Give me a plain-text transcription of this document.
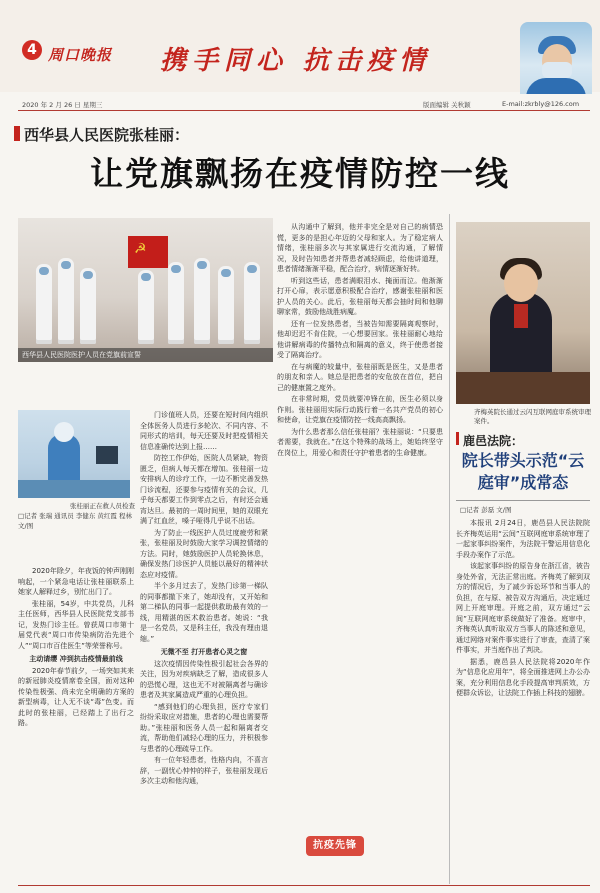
4 周口晚报 携手同心 抗击疫情
2020 年 2 月 26 日 星期三	版面编辑 关秋颖	E-mail:zkrbly@126.com
西华县人民医院张桂丽：
让党旗飘扬在疫情防控一线
☭
西华县人民医院医护人员在党旗前宣誓
张桂丽正在救人员检查
□记者 张瑞 通讯员 李健东 黄红霞 程林 文/图

2020年除夕，年夜饭的钟声刚刚响起，一个紧急电话让张桂丽联系上她家人解释过乡，别忙出门了。

张桂丽，54岁，中共党员，儿科主任医师，西华县人民医院党支部书记，发热门诊主任。曾获周口市第十届党代表“周口市传染病防治先进个人”“周口市百佳医生”等荣誉称号。

主动请缨 冲到抗击疫情最前线

2020年春节前夕，一场突如其来的新冠肺炎疫情席卷全国，面对这种传染性极强、尚未完全明确的方案的新型病毒，让人无不谈“毒”色变。而此时的张桂丽，已经踏上了出行之路。

门诊值班人员，还要在短时间内组织全体医务人员进行多轮次、不同内容、不同形式的培训，每天还要及时把疫情相关信息准确传达到上报……

防控工作伊始，医院人员紧缺，物资匮乏，但病人每天都在增加。张桂丽一边安排病人的诊疗工作，一边不断完善发热门诊流程，还要参与疫情有关的会议，几乎每天都要工作到零点之后，有时还会通宵达旦。最初的一周时间里，她的双眼充满了红血丝，嗓子哑得几乎说不出话。

为了防止一线医护人员过度疲劳和紧张，张桂丽及时鼓励大家学习调控情绪的方法。同时，她鼓励医护人员轮换休息，确保发热门诊医护人员能以最好的精神状态应对疫情。

半个多月过去了，发热门诊第一梯队的同事都撤下来了，她却没有，又开始和第二梯队的同事一起提供救助最有效的一线，用精湛的医术救治患者。她说：“我是一名党员，又是科主任，我没有理由退缩。”

无微不至 打开患者心灵之窗

这次疫情因传染性极引起社会各界的关注，因为对疾病缺乏了解，造成很多人的恐慌心理，这也无不对被隔离者与确诊患者及其家属造成严重的心理负担。

“感到他们的心理负担，医疗专家们纷纷采取应对措施，患者的心理也需要帮助。”张桂丽和医务人员一起和隔离者交流，帮助他们减轻心理的压力，并积极参与患者的心理疏导工作。

有一位年轻患者，性格内向，不喜言辞，一副忧心忡忡的样子，张桂丽发现后多次主动和他沟通，

从沟通中了解到，他并非完全是对自己的病情恐慌，更多的是担心年迈的父母和家人。为了稳定病人情绪，张桂丽多次与其家属进行交流沟通，了解情况，及时告知患者并帮患者减轻顾虑，给他讲道理，患者情绪渐渐平稳，配合治疗，病情逐渐好转。

听到这些话，患者满眼泪水、掩面而泣。他渐渐打开心扉，表示愿意积极配合治疗，感谢张桂丽和医护人员的关心。此后，张桂丽每天都会抽时间和他聊聊家常，鼓励他战胜病魔。

还有一位发热患者，当被告知需要隔离观察时，他却迟迟不肯住院，一心想要回家。张桂丽耐心地给他讲解病毒的传播特点和隔离的意义，终于使患者接受了隔离治疗。

在与病魔的较量中，张桂丽既是医生，又是患者的朋友和亲人。她总是把患者的安危放在首位，把自己的健康置之度外。

在非常时期，党员就要冲锋在前，医生必须以身作则。张桂丽用实际行动践行着一名共产党员的初心和使命，让党旗在疫情防控一线高高飘扬。

为什么患者那么信任张桂丽？张桂丽说：“只要患者需要，我就在。”在这个特殊的战场上，她始终坚守在岗位上，用爱心和责任守护着患者的生命健康。

抗疫先锋
齐梅英院长通过云闪互联网庭审系统审理案件。
鹿邑法院：
院长带头示范“云庭审”成常态
□记者 彭磊 文/图

本报讯 2月24日，鹿邑县人民法院院长齐梅英运用“云间”互联网庭审系统审理了一起家事纠纷案件，为法院干警运用信息化手段办案作了示范。

该起家事纠纷的原告身在浙江省，被告身处外省，无法正常出庭。齐梅英了解到双方的情况后，为了减少诉讼环节和当事人的负担，在与原、被告双方沟通后，决定通过网上开庭审理。开庭之前，双方通过“云间”互联网庭审系统做好了准备。庭审中，齐梅英认真听取双方当事人的陈述和意见，通过网络对案件事实进行了审查，查清了案件事实，并当庭作出了判决。

据悉，鹿邑县人民法院将2020年作为“信息化应用年”，将全面推进网上办公办案，充分利用信息化手段提高审判质效，方便群众诉讼，让法院工作插上科技的翅膀。
